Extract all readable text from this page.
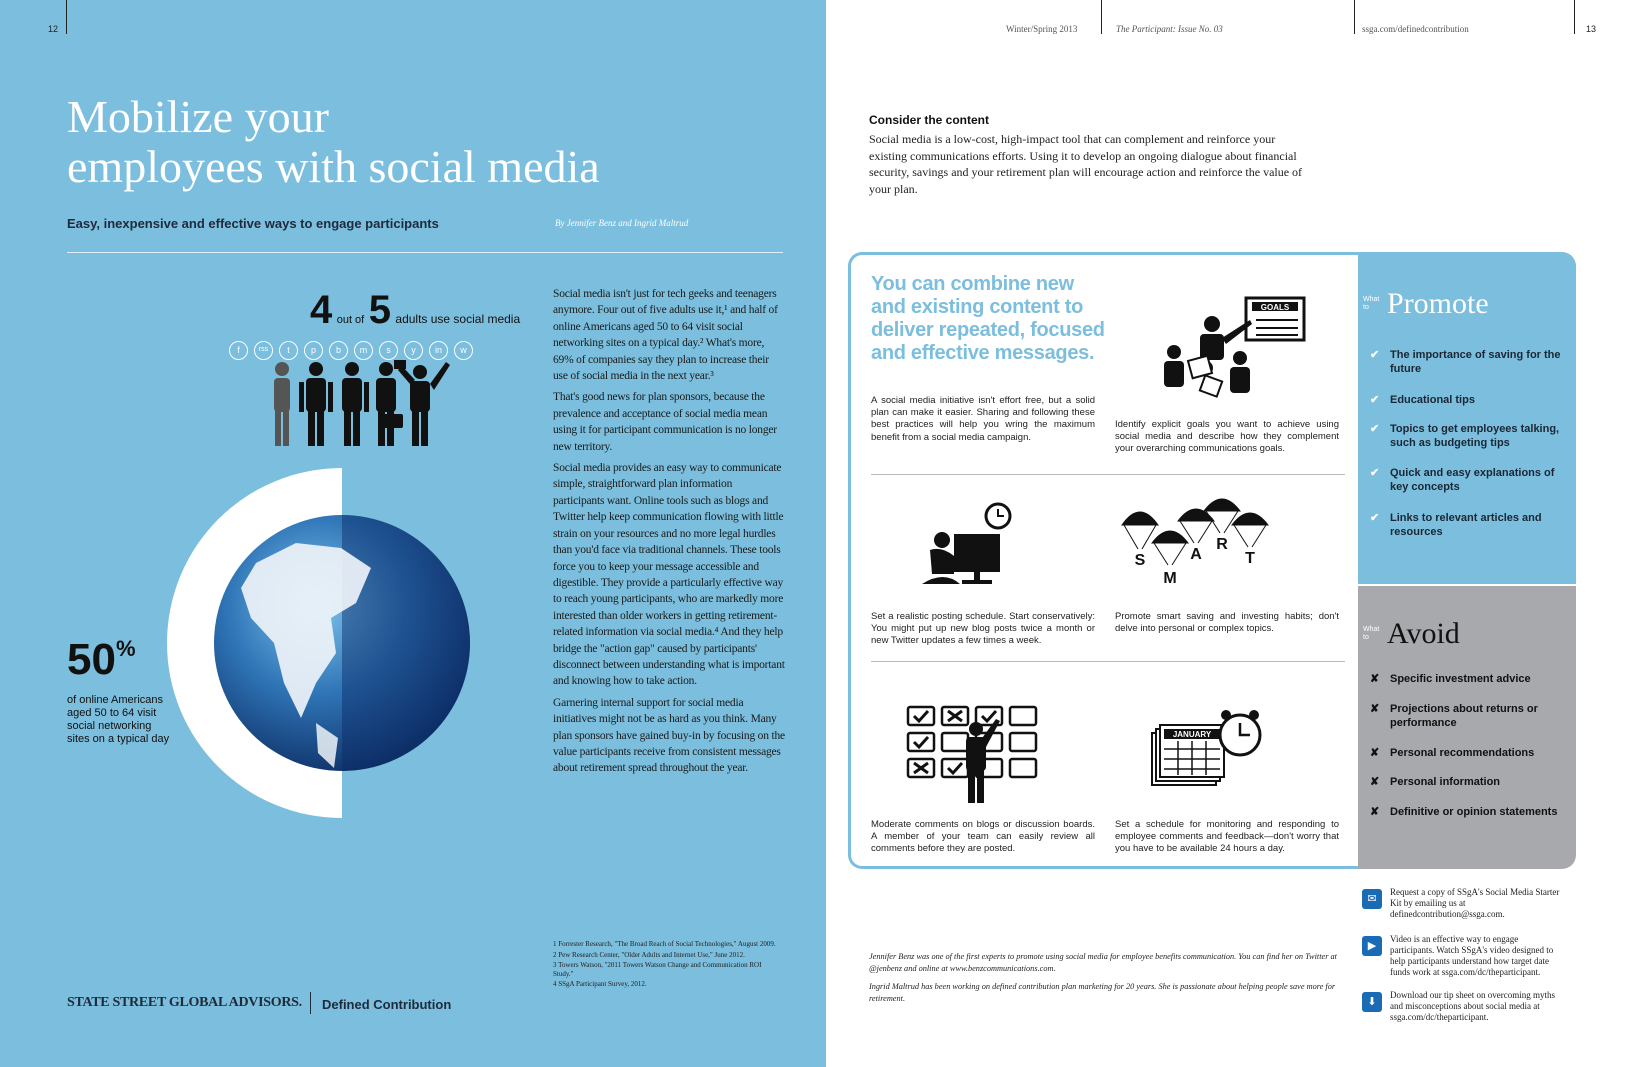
12
Mobilize your
employees with social media
Easy, inexpensive and effective ways to engage participants	By Jennifer Benz and Ingrid Maltrud
4 out of 5 adults use social media
f	rss	t	p	b	m	s	y	in	w
50%
of online Americans aged 50 to 64 visit social networking sites on a typical day

Social media isn't just for tech geeks and teenagers anymore. Four out of five adults use it,¹ and half of online Americans aged 50 to 64 visit social networking sites on a typical day.² What's more, 69% of companies say they plan to increase their use of social media in the next year.³

That's good news for plan sponsors, because the prevalence and acceptance of social media mean using it for participant communication is no longer new territory.

Social media provides an easy way to communicate simple, straightforward plan information participants want. Online tools such as blogs and Twitter help keep communication flowing with little strain on your resources and no more legal hurdles than you'd face via traditional channels. These tools force you to keep your message accessible and digestible. They provide a particularly effective way to reach young participants, who are markedly more interested than older workers in getting retirement-related information via social media.⁴ And they help bridge the "action gap" caused by participants' disconnect between understanding what is important and knowing how to take action.

Garnering internal support for social media initiatives might not be as hard as you think. Many plan sponsors have gained buy-in by focusing on the value participants receive from consistent messages about retirement spread throughout the year.

1 Forrester Research, "The Broad Reach of Social Technologies," August 2009.
2 Pew Research Center, "Older Adults and Internet Use," June 2012.
3 Towers Watson, "2011 Towers Watson Change and Communication ROI Study."
4 SSgA Participant Survey, 2012.
STATE STREET GLOBAL ADVISORS. Defined Contribution
Winter/Spring 2013	The Participant: Issue No. 03	ssga.com/definedcontribution	13
Consider the content
Social media is a low-cost, high-impact tool that can complement and reinforce your existing communications efforts. Using it to develop an ongoing dialogue about financial security, savings and your retirement plan will encourage action and reinforce the value of your plan.
You can combine new and existing content to deliver repeated, focused and effective messages.
GOALS
A social media initiative isn't effort free, but a solid plan can make it easier. Sharing and following these best practices will help you wring the maximum benefit from a social media campaign.
Identify explicit goals you want to achieve using social media and describe how they complement your overarching communications goals.
S
M
A
R
T
Set a realistic posting schedule. Start conservatively: You might put up new blog posts twice a month or new Twitter updates a few times a week.
Promote smart saving and investing habits; don't delve into personal or complex topics.
JANUARY
Moderate comments on blogs or discussion boards. A member of your team can easily review all comments before they are posted.
Set a schedule for monitoring and responding to employee comments and feedback—don't worry that you have to be available 24 hours a day.
What to Promote
✔ The importance of saving for the future
✔ Educational tips
✔ Topics to get employees talking, such as budgeting tips
✔ Quick and easy explanations of key concepts
✔ Links to relevant articles and resources
What to Avoid
✘ Specific investment advice
✘ Projections about returns or performance
✘ Personal recommendations
✘ Personal information
✘ Definitive or opinion statements
✉
Request a copy of SSgA's Social Media Starter Kit by emailing us at definedcontribution@ssga.com.
▶
Video is an effective way to engage participants. Watch SSgA's video designed to help participants understand how target date funds work at ssga.com/dc/theparticipant.
⬇
Download our tip sheet on overcoming myths and misconceptions about social media at ssga.com/dc/theparticipant.
Jennifer Benz was one of the first experts to promote using social media for employee benefits communication. You can find her on Twitter at @jenbenz and online at www.benzcommunications.com.
Ingrid Maltrud has been working on defined contribution plan marketing for 20 years. She is passionate about helping people save more for retirement.
